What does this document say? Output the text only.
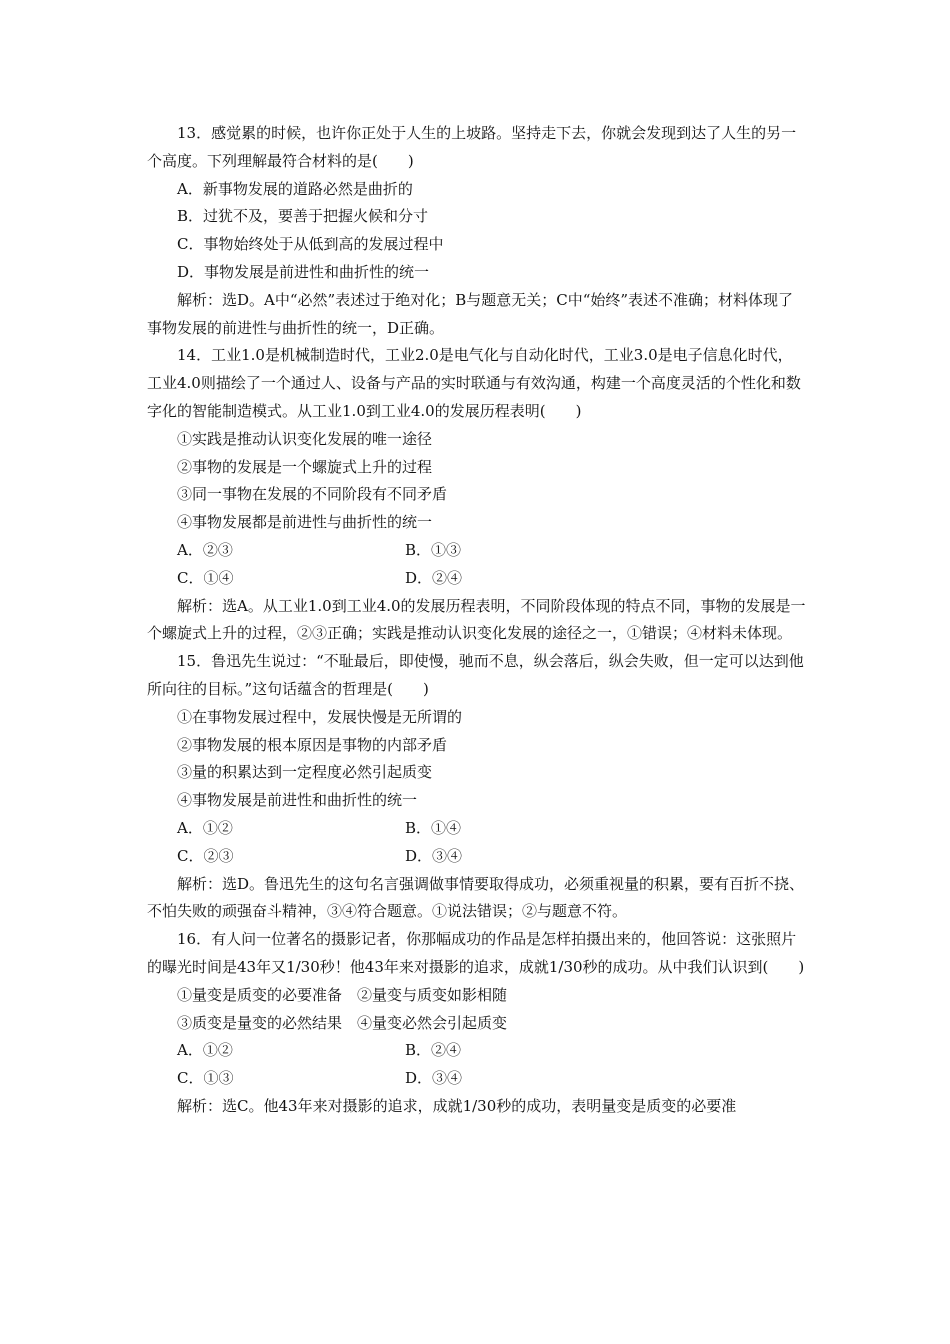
13．感觉累的时候，也许你正处于人生的上坡路。坚持走下去，你就会发现到达了人生的另一个高度。下列理解最符合材料的是(　　)

A．新事物发展的道路必然是曲折的

B．过犹不及，要善于把握火候和分寸

C．事物始终处于从低到高的发展过程中

D．事物发展是前进性和曲折性的统一

解析：选D。A中“必然”表述过于绝对化；B与题意无关；C中“始终”表述不准确；材料体现了事物发展的前进性与曲折性的统一，D正确。

14．工业1.0是机械制造时代，工业2.0是电气化与自动化时代，工业3.0是电子信息化时代，工业4.0则描绘了一个通过人、设备与产品的实时联通与有效沟通，构建一个高度灵活的个性化和数字化的智能制造模式。从工业1.0到工业4.0的发展历程表明(　　)

①实践是推动认识变化发展的唯一途径

②事物的发展是一个螺旋式上升的过程

③同一事物在发展的不同阶段有不同矛盾

④事物发展都是前进性与曲折性的统一

A．②③	B．①③
C．①④	D．②④

解析：选A。从工业1.0到工业4.0的发展历程表明，不同阶段体现的特点不同，事物的发展是一个螺旋式上升的过程，②③正确；实践是推动认识变化发展的途径之一，①错误；④材料未体现。

15．鲁迅先生说过：“不耻最后，即使慢，驰而不息，纵会落后，纵会失败，但一定可以达到他所向往的目标。”这句话蕴含的哲理是(　　)

①在事物发展过程中，发展快慢是无所谓的

②事物发展的根本原因是事物的内部矛盾

③量的积累达到一定程度必然引起质变

④事物发展是前进性和曲折性的统一

A．①②	B．①④
C．②③	D．③④

解析：选D。鲁迅先生的这句名言强调做事情要取得成功，必须重视量的积累，要有百折不挠、不怕失败的顽强奋斗精神，③④符合题意。①说法错误；②与题意不符。

16．有人问一位著名的摄影记者，你那幅成功的作品是怎样拍摄出来的，他回答说：这张照片的曝光时间是43年又1/30秒！他43年来对摄影的追求，成就1/30秒的成功。从中我们认识到(　　)

①量变是质变的必要准备　②量变与质变如影相随

③质变是量变的必然结果　④量变必然会引起质变

A．①②	B．②④
C．①③	D．③④

解析：选C。他43年来对摄影的追求，成就1/30秒的成功，表明量变是质变的必要准
